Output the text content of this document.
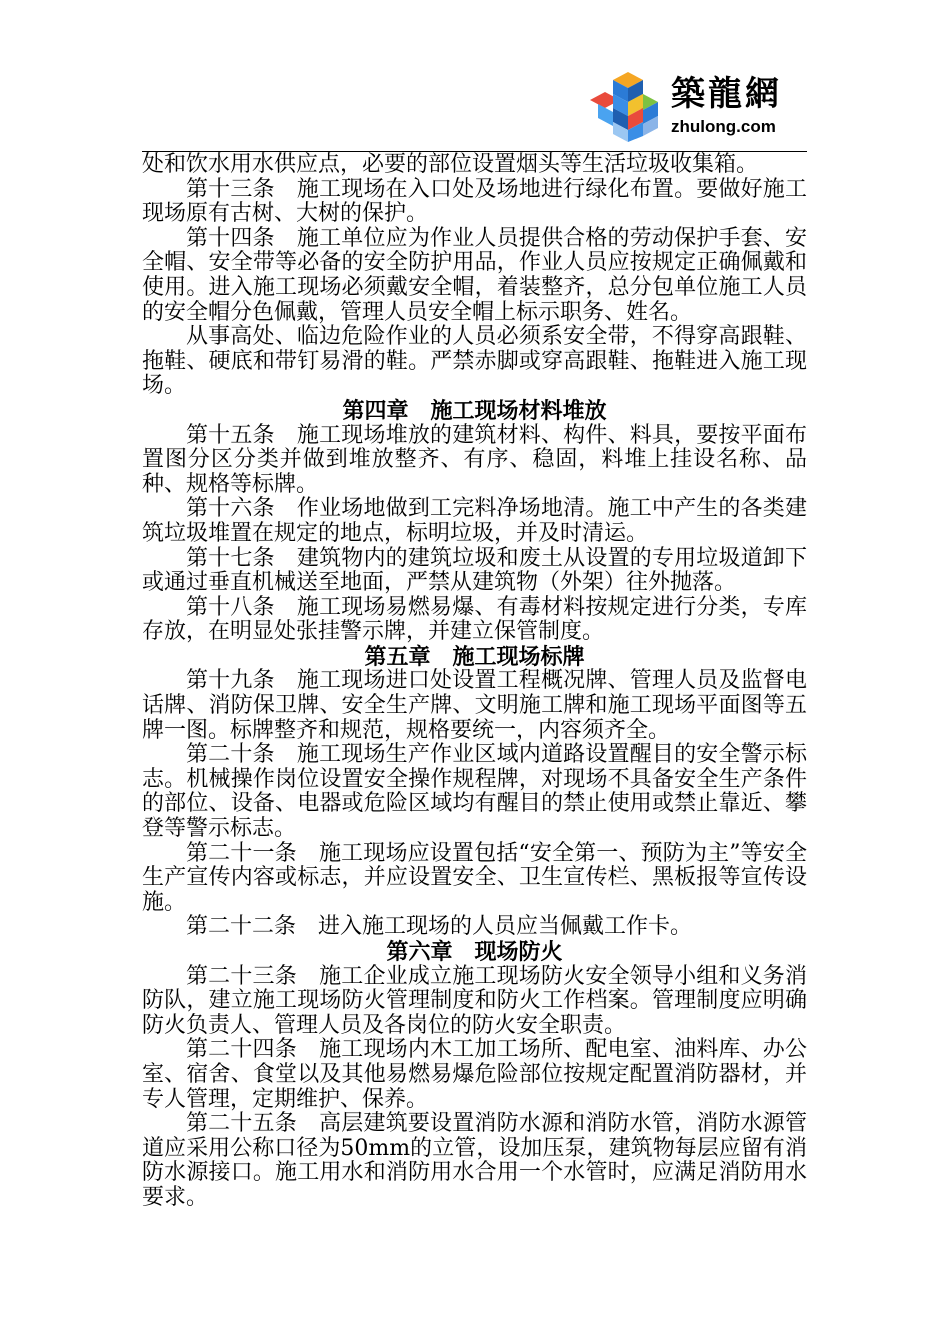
築龍網
zhulong.com

处和饮水用水供应点，必要的部位设置烟头等生活垃圾收集箱。

第十三条　施工现场在入口处及场地进行绿化布置。要做好施工现场原有古树、大树的保护。

第十四条　施工单位应为作业人员提供合格的劳动保护手套、安全帽、安全带等必备的安全防护用品，作业人员应按规定正确佩戴和使用。进入施工现场必须戴安全帽，着装整齐，总分包单位施工人员的安全帽分色佩戴，管理人员安全帽上标示职务、姓名。

从事高处、临边危险作业的人员必须系安全带，不得穿高跟鞋、拖鞋、硬底和带钉易滑的鞋。严禁赤脚或穿高跟鞋、拖鞋进入施工现场。

第四章　施工现场材料堆放

第十五条　施工现场堆放的建筑材料、构件、料具，要按平面布置图分区分类并做到堆放整齐、有序、稳固，料堆上挂设名称、品种、规格等标牌。

第十六条　作业场地做到工完料净场地清。施工中产生的各类建筑垃圾堆置在规定的地点，标明垃圾，并及时清运。

第十七条　建筑物内的建筑垃圾和废土从设置的专用垃圾道卸下或通过垂直机械送至地面，严禁从建筑物（外架）往外抛落。

第十八条　施工现场易燃易爆、有毒材料按规定进行分类，专库存放，在明显处张挂警示牌，并建立保管制度。

第五章　施工现场标牌

第十九条　施工现场进口处设置工程概况牌、管理人员及监督电话牌、消防保卫牌、安全生产牌、文明施工牌和施工现场平面图等五牌一图。标牌整齐和规范，规格要统一，内容须齐全。

第二十条　施工现场生产作业区域内道路设置醒目的安全警示标志。机械操作岗位设置安全操作规程牌，对现场不具备安全生产条件的部位、设备、电器或危险区域均有醒目的禁止使用或禁止靠近、攀登等警示标志。

第二十一条　施工现场应设置包括“安全第一、预防为主”等安全生产宣传内容或标志，并应设置安全、卫生宣传栏、黑板报等宣传设施。

第二十二条　进入施工现场的人员应当佩戴工作卡。

第六章　现场防火

第二十三条　施工企业成立施工现场防火安全领导小组和义务消防队，建立施工现场防火管理制度和防火工作档案。管理制度应明确防火负责人、管理人员及各岗位的防火安全职责。

第二十四条　施工现场内木工加工场所、配电室、油料库、办公室、宿舍、食堂以及其他易燃易爆危险部位按规定配置消防器材，并专人管理，定期维护、保养。

第二十五条　高层建筑要设置消防水源和消防水管，消防水源管道应采用公称口径为50mm的立管，设加压泵，建筑物每层应留有消防水源接口。施工用水和消防用水合用一个水管时，应满足消防用水要求。
